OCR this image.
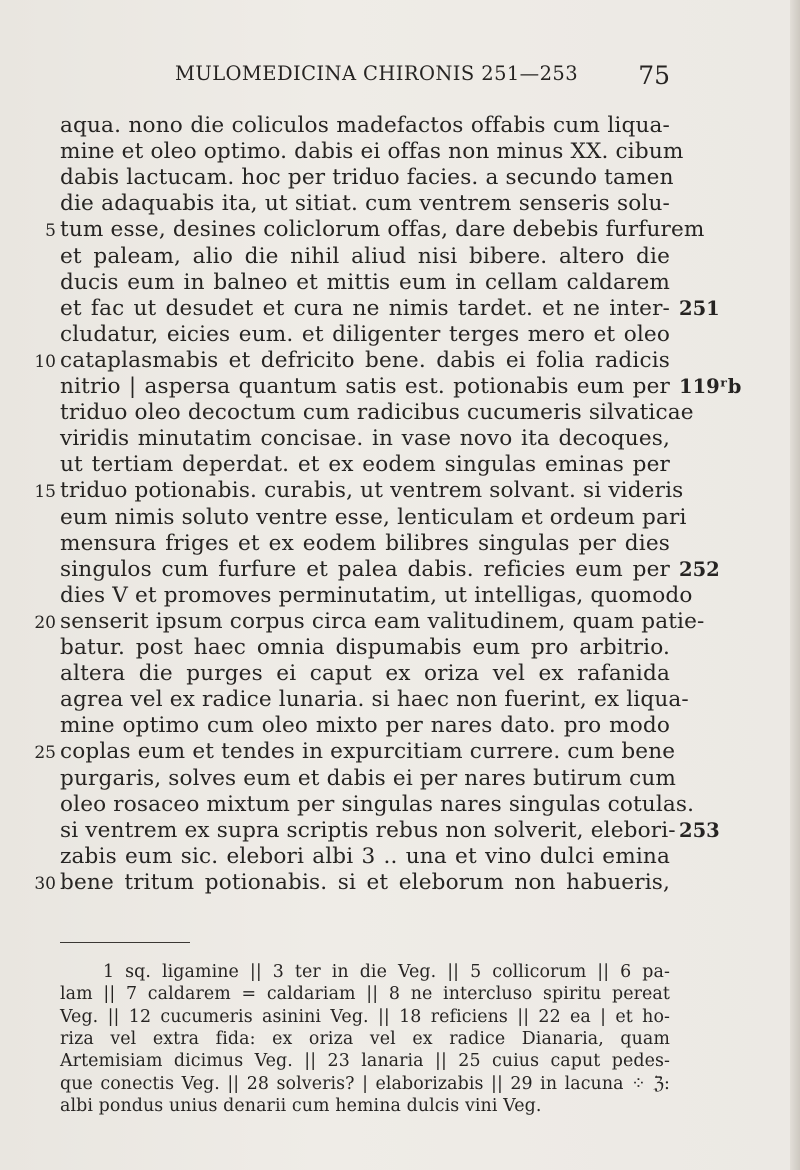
MULOMEDICINA CHIRONIS 251—253 75
aqua. nono die coliculos madefactos offabis cum liqua-
mine et oleo optimo. dabis ei offas non minus XX. cibum
dabis lactucam. hoc per triduo facies. a secundo tamen
die adaquabis ita, ut sitiat. cum ventrem senseris solu-
5 tum esse, desines coliclorum offas, dare debebis furfurem
et paleam, alio die nihil aliud nisi bibere. altero die
ducis eum in balneo et mittis eum in cellam caldarem
et fac ut desudet et cura ne nimis tardet. et ne inter- 251
cludatur, eicies eum. et diligenter terges mero et oleo
10 cataplasmabis et defricito bene. dabis ei folia radicis
nitrio | aspersa quantum satis est. potionabis eum per 119ʳb
triduo oleo decoctum cum radicibus cucumeris silvaticae
viridis minutatim concisae. in vase novo ita decoques,
ut tertiam deperdat. et ex eodem singulas eminas per
15 triduo potionabis. curabis, ut ventrem solvant. si videris
eum nimis soluto ventre esse, lenticulam et ordeum pari
mensura friges et ex eodem bilibres singulas per dies
singulos cum furfure et palea dabis. reficies eum per 252
dies V et promoves perminutatim, ut intelligas, quomodo
20 senserit ipsum corpus circa eam valitudinem, quam patie-
batur. post haec omnia dispumabis eum pro arbitrio.
altera die purges ei caput ex oriza vel ex rafanida
agrea vel ex radice lunaria. si haec non fuerint, ex liqua-
mine optimo cum oleo mixto per nares dato. pro modo
25 coplas eum et tendes in expurcitiam currere. cum bene
purgaris, solves eum et dabis ei per nares butirum cum
oleo rosaceo mixtum per singulas nares singulas cotulas.
si ventrem ex supra scriptis rebus non solverit, elebori- 253
zabis eum sic. elebori albi 3 .. una et vino dulci emina
30 bene tritum potionabis. si et eleborum non habueris,
1 sq. ligamine || 3 ter in die Veg. || 5 collicorum || 6 pa-
lam || 7 caldarem = caldariam || 8 ne intercluso spiritu pereat
Veg. || 12 cucumeris asinini Veg. || 18 reficiens || 22 ea | et ho-
riza vel extra fida: ex oriza vel ex radice Dianaria, quam
Artemisiam dicimus Veg. || 23 lanaria || 25 cuius caput pedes-
que conectis Veg. || 28 solveris? | elaborizabis || 29 in lacuna ⁘ ℨ:
albi pondus unius denarii cum hemina dulcis vini Veg.
